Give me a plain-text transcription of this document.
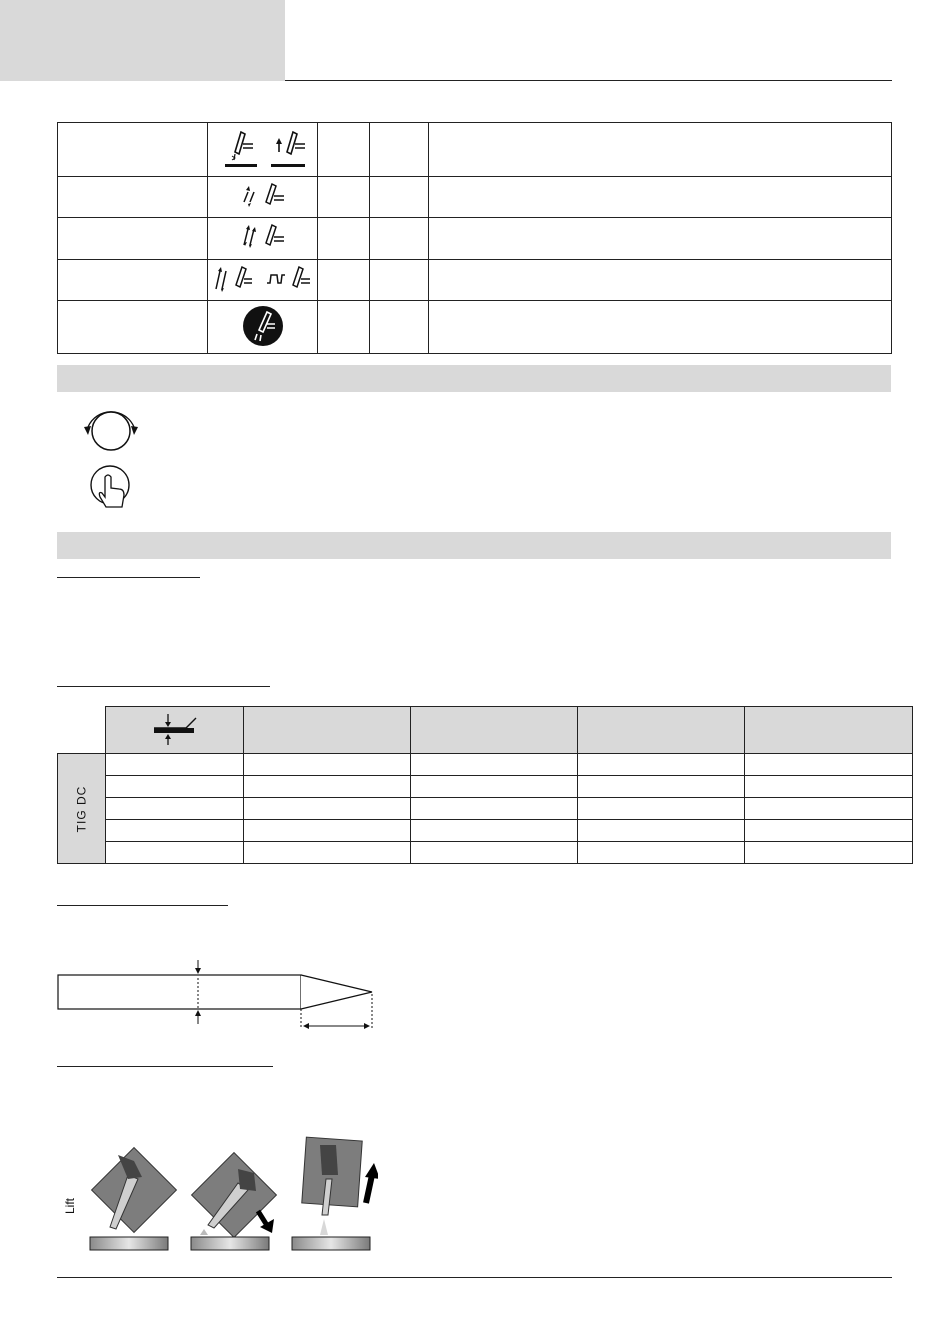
TIG DC					

Lift
